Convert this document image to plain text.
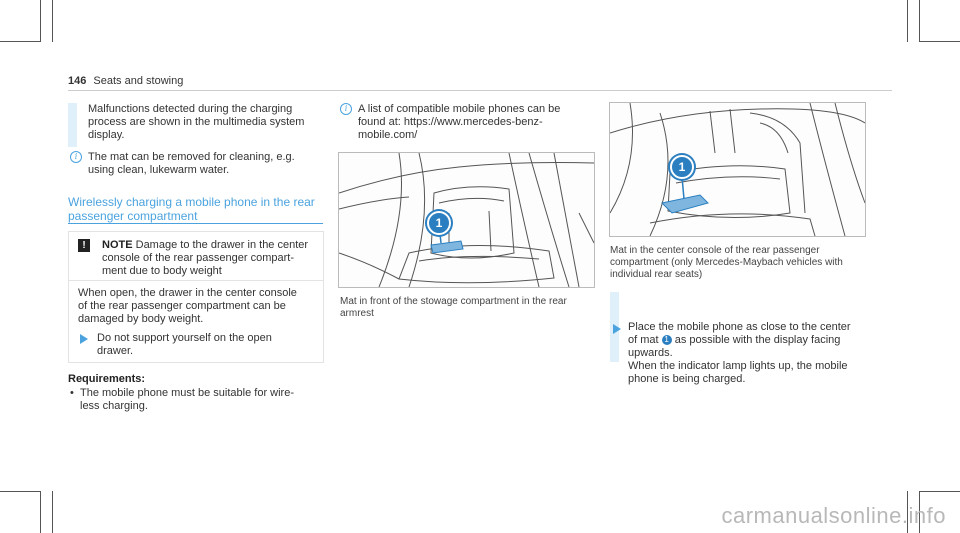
146 Seats and stowing
Malfunctions detected during the charging
process are shown in the multimedia system
display.
i The mat can be removed for cleaning, e.g.
using clean, lukewarm water.
Wirelessly charging a mobile phone in the rear
passenger compartment
!	NOTE Damage to the drawer in the center
console of the rear passenger compart-
ment due to body weight
When open, the drawer in the center console
of the rear passenger compartment can be
damaged by body weight.
Do not support yourself on the open
drawer.
Requirements:
• The mobile phone must be suitable for wire-
less charging.
i A list of compatible mobile phones can be
found at: https://www.mercedes-benz-
mobile.com/
1
Mat in front of the stowage compartment in the rear
armrest
1
Mat in the center console of the rear passenger
compartment (only Mercedes-Maybach vehicles with
individual rear seats)
Place the mobile phone as close to the center
of mat 1 as possible with the display facing
upwards.
When the indicator lamp lights up, the mobile
phone is being charged.
carmanualsonline.info
